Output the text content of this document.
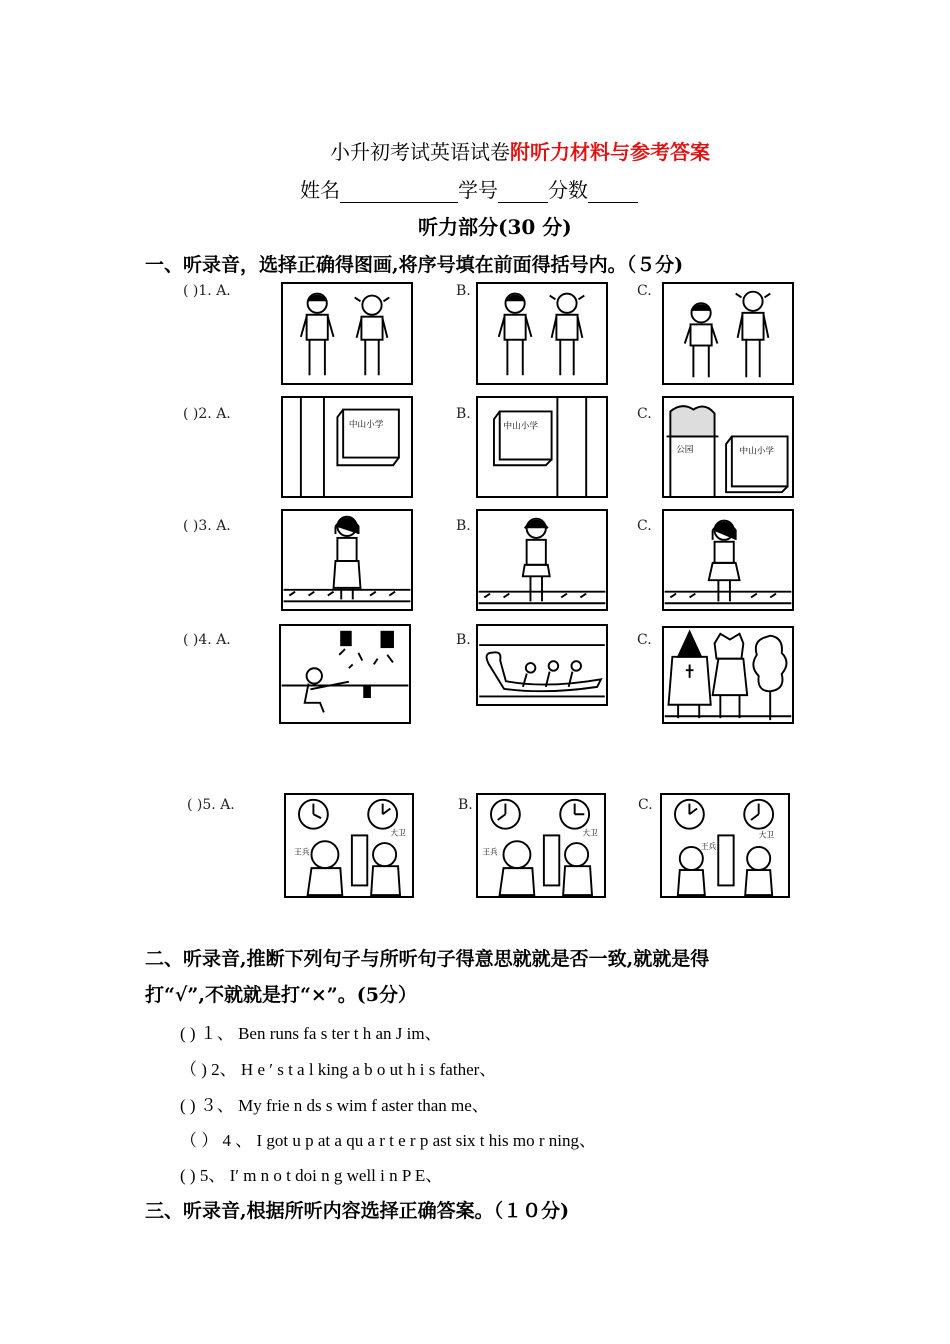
小升初考试英语试卷附听力材料与参考答案
姓名	学号	分数
听力部分(30 分)
一、听录音，选择正确得图画,将序号填在前面得括号内。（５分)
( )1. A.	B.	C.
( )2. A.	B.	C.
中山小学	中山小学
公园	中山小学
( )3. A.	B.	C.
( )4. A.	B.	C.
( )5. A.	B.	C.
王兵
大卫
王兵
大卫
王兵
大卫
二、听录音,推断下列句子与所听句子得意思就就是否一致,就就是得
打“√”,不就就是打“×”。(5分）
( ) １、 Ben runs fa s ter t h an J im、
（ ) 2、 H e ′ s t a l king a b o ut h i s father、
( ) ３、 My frie n ds s wim f aster than me、
（ ） 4 、 I got u p at a qu a r t e r p ast six t his mo r ning、
( ) 5、 I′ m n o t doi n g well i n P E、
三、听录音,根据所听内容选择正确答案。（１０分)
